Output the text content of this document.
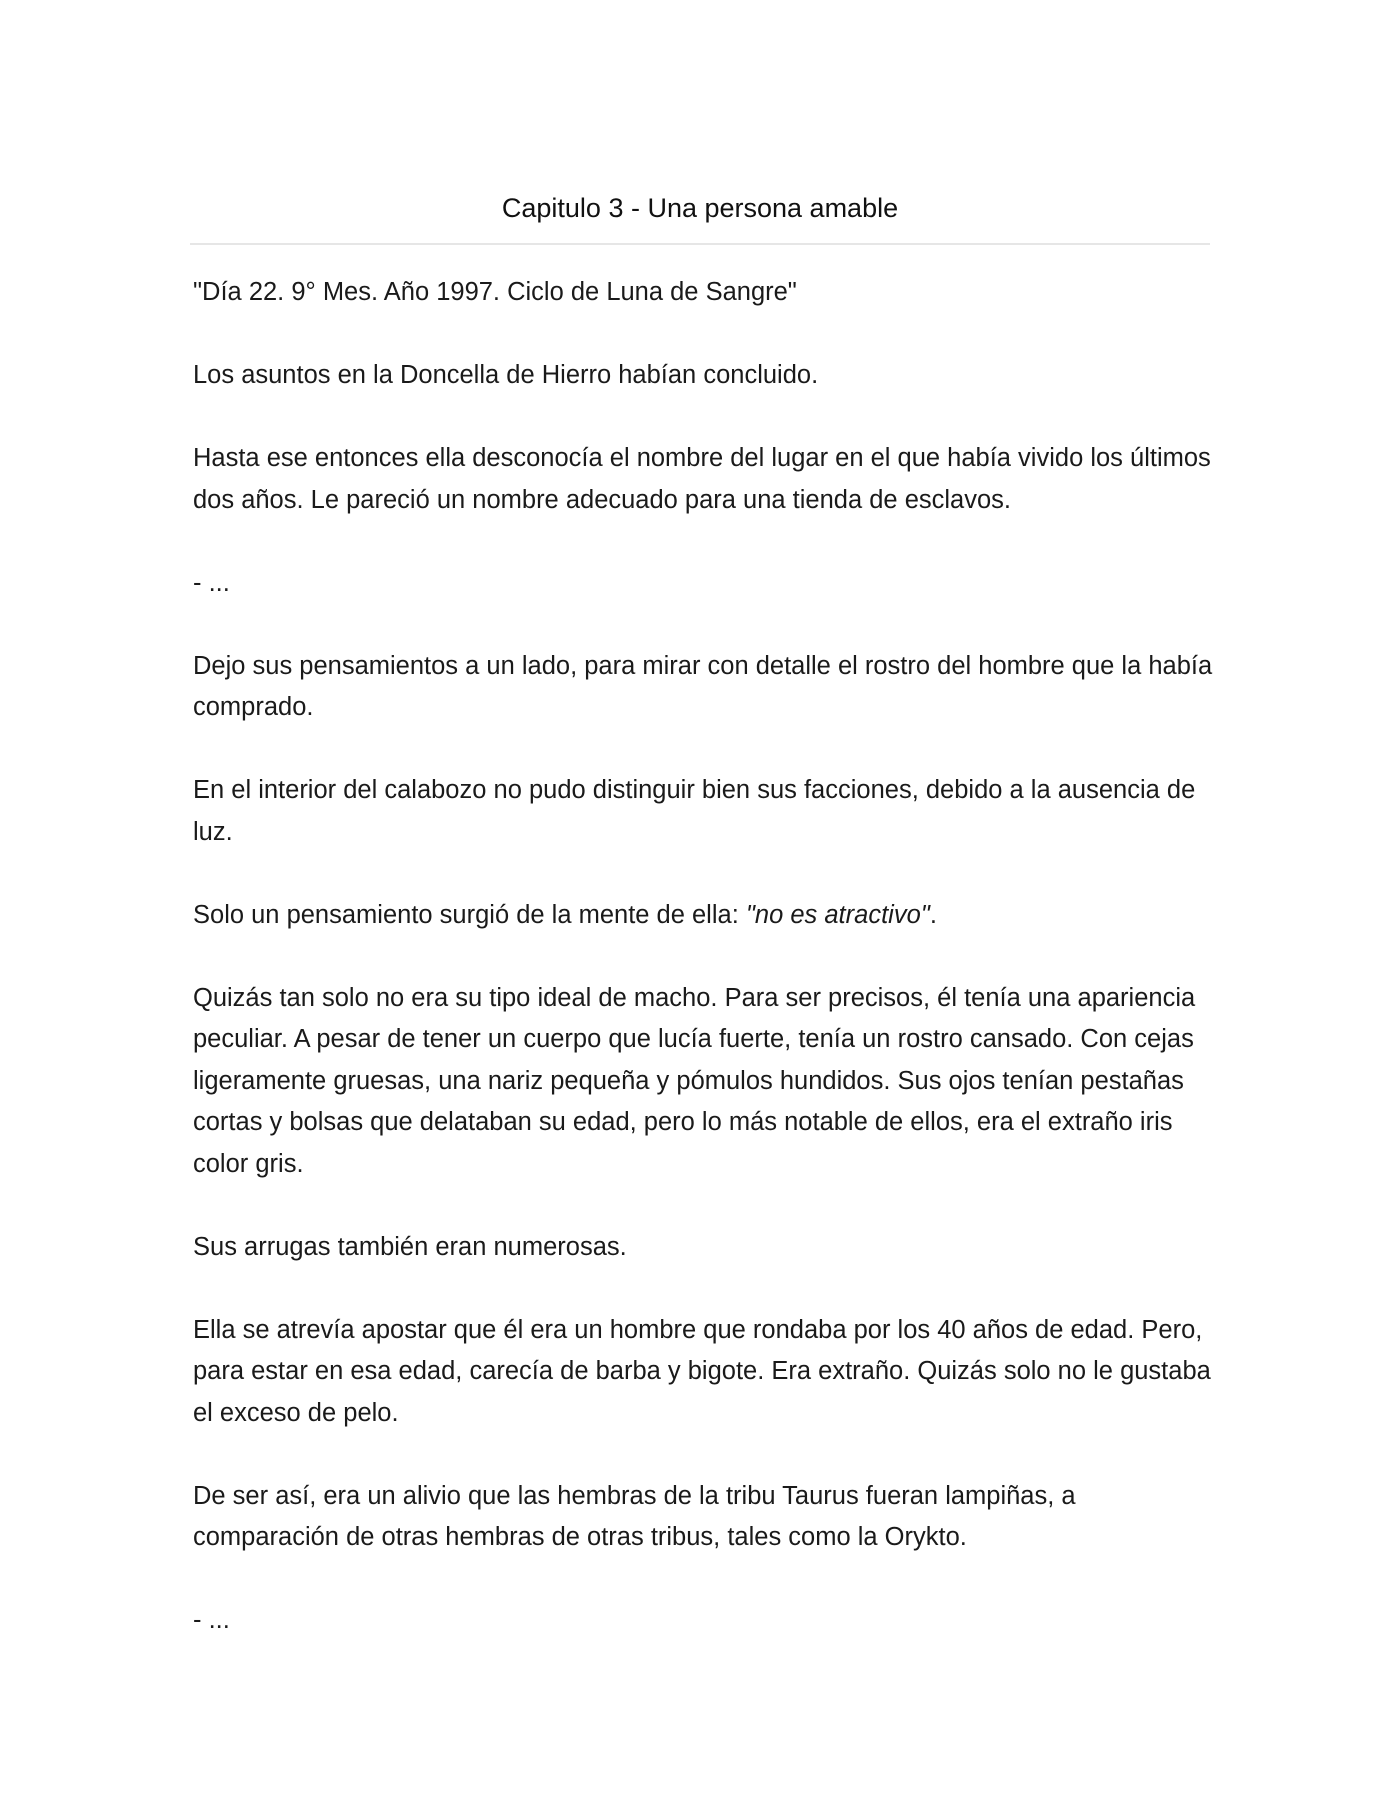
Capitulo 3 - Una persona amable

"Día 22. 9° Mes. Año 1997. Ciclo de Luna de Sangre"

Los asuntos en la Doncella de Hierro habían concluido.

Hasta ese entonces ella desconocía el nombre del lugar en el que había vivido los últimos dos años. Le pareció un nombre adecuado para una tienda de esclavos.

- ...

Dejo sus pensamientos a un lado, para mirar con detalle el rostro del hombre que la había comprado.

En el interior del calabozo no pudo distinguir bien sus facciones, debido a la ausencia de luz.

Solo un pensamiento surgió de la mente de ella: "no es atractivo".

Quizás tan solo no era su tipo ideal de macho. Para ser precisos, él tenía una apariencia peculiar. A pesar de tener un cuerpo que lucía fuerte, tenía un rostro cansado. Con cejas ligeramente gruesas, una nariz pequeña y pómulos hundidos. Sus ojos tenían pestañas cortas y bolsas que delataban su edad, pero lo más notable de ellos, era el extraño iris color gris.

Sus arrugas también eran numerosas.

Ella se atrevía apostar que él era un hombre que rondaba por los 40 años de edad. Pero, para estar en esa edad, carecía de barba y bigote. Era extraño. Quizás solo no le gustaba el exceso de pelo.

De ser así, era un alivio que las hembras de la tribu Taurus fueran lampiñas, a comparación de otras hembras de otras tribus, tales como la Orykto.

- ...
